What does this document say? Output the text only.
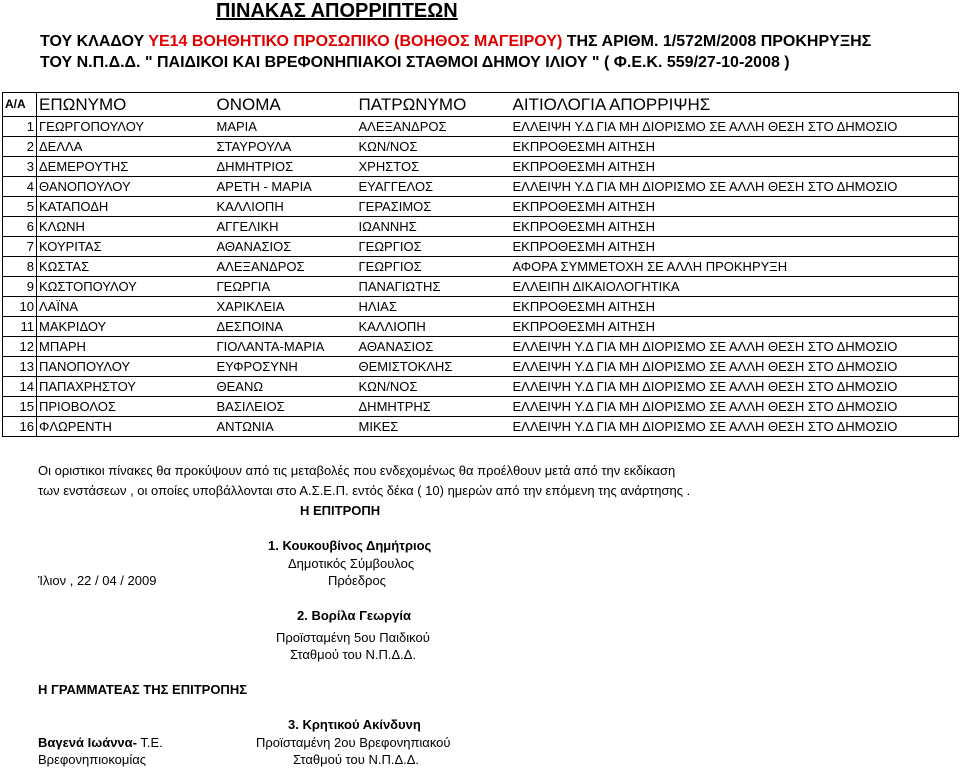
ΠΙΝΑΚΑΣ ΑΠΟΡΡΙΠΤΕΩΝ
ΤΟΥ ΚΛΑΔΟΥ ΥΕ14 ΒΟΗΘΗΤΙΚΟ ΠΡΟΣΩΠΙΚΟ (ΒΟΗΘΟΣ ΜΑΓΕΙΡΟΥ) ΤΗΣ ΑΡΙΘΜ. 1/572Μ/2008 ΠΡΟΚΗΡΥΞΗΣ
ΤΟΥ Ν.Π.Δ.Δ. " ΠΑΙΔΙΚΟΙ ΚΑΙ ΒΡΕΦΟΝΗΠΙΑΚΟΙ ΣΤΑΘΜΟΙ ΔΗΜΟΥ ΙΛΙΟΥ " ( Φ.Ε.Κ. 559/27-10-2008 )
Α/Α	ΕΠΩΝΥΜΟ	ΟΝΟΜΑ	ΠΑΤΡΩΝΥΜΟ	ΑΙΤΙΟΛΟΓΙΑ ΑΠΟΡΡΙΨΗΣ
1	ΓΕΩΡΓΟΠΟΥΛΟΥ	ΜΑΡΙΑ	ΑΛΕΞΑΝΔΡΟΣ	ΕΛΛΕΙΨΗ Υ.Δ ΓΙΑ ΜΗ ΔΙΟΡΙΣΜΟ ΣΕ ΑΛΛΗ ΘΕΣΗ ΣΤΟ ΔΗΜΟΣΙΟ
2	ΔΕΛΛΑ	ΣΤΑΥΡΟΥΛΑ	ΚΩΝ/ΝΟΣ	ΕΚΠΡΟΘΕΣΜΗ ΑΙΤΗΣΗ
3	ΔΕΜΕΡΟΥΤΗΣ	ΔΗΜΗΤΡΙΟΣ	ΧΡΗΣΤΟΣ	ΕΚΠΡΟΘΕΣΜΗ ΑΙΤΗΣΗ
4	ΘΑΝΟΠΟΥΛΟΥ	ΑΡΕΤΗ - ΜΑΡΙΑ	ΕΥΑΓΓΕΛΟΣ	ΕΛΛΕΙΨΗ Υ.Δ ΓΙΑ ΜΗ ΔΙΟΡΙΣΜΟ ΣΕ ΑΛΛΗ ΘΕΣΗ ΣΤΟ ΔΗΜΟΣΙΟ
5	ΚΑΤΑΠΟΔΗ	ΚΑΛΛΙΟΠΗ	ΓΕΡΑΣΙΜΟΣ	ΕΚΠΡΟΘΕΣΜΗ ΑΙΤΗΣΗ
6	ΚΛΩΝΗ	ΑΓΓΕΛΙΚΗ	ΙΩΑΝΝΗΣ	ΕΚΠΡΟΘΕΣΜΗ ΑΙΤΗΣΗ
7	ΚΟΥΡΙΤΑΣ	ΑΘΑΝΑΣΙΟΣ	ΓΕΩΡΓΙΟΣ	ΕΚΠΡΟΘΕΣΜΗ ΑΙΤΗΣΗ
8	ΚΩΣΤΑΣ	ΑΛΕΞΑΝΔΡΟΣ	ΓΕΩΡΓΙΟΣ	ΑΦΟΡΑ ΣΥΜΜΕΤΟΧΗ ΣΕ ΑΛΛΗ ΠΡΟΚΗΡΥΞΗ
9	ΚΩΣΤΟΠΟΥΛΟΥ	ΓΕΩΡΓΙΑ	ΠΑΝΑΓΙΩΤΗΣ	ΕΛΛΕΙΠΗ ΔΙΚΑΙΟΛΟΓΗΤΙΚΑ
10	ΛΑΪΝΑ	ΧΑΡΙΚΛΕΙΑ	ΗΛΙΑΣ	ΕΚΠΡΟΘΕΣΜΗ ΑΙΤΗΣΗ
11	ΜΑΚΡΙΔΟΥ	ΔΕΣΠΟΙΝΑ	ΚΑΛΛΙΟΠΗ	ΕΚΠΡΟΘΕΣΜΗ ΑΙΤΗΣΗ
12	ΜΠΑΡΗ	ΓΙΟΛΑΝΤΑ-ΜΑΡΙΑ	ΑΘΑΝΑΣΙΟΣ	ΕΛΛΕΙΨΗ Υ.Δ ΓΙΑ ΜΗ ΔΙΟΡΙΣΜΟ ΣΕ ΑΛΛΗ ΘΕΣΗ ΣΤΟ ΔΗΜΟΣΙΟ
13	ΠΑΝΟΠΟΥΛΟΥ	ΕΥΦΡΟΣΥΝΗ	ΘΕΜΙΣΤΟΚΛΗΣ	ΕΛΛΕΙΨΗ Υ.Δ ΓΙΑ ΜΗ ΔΙΟΡΙΣΜΟ ΣΕ ΑΛΛΗ ΘΕΣΗ ΣΤΟ ΔΗΜΟΣΙΟ
14	ΠΑΠΑΧΡΗΣΤΟΥ	ΘΕΑΝΩ	ΚΩΝ/ΝΟΣ	ΕΛΛΕΙΨΗ Υ.Δ ΓΙΑ ΜΗ ΔΙΟΡΙΣΜΟ ΣΕ ΑΛΛΗ ΘΕΣΗ ΣΤΟ ΔΗΜΟΣΙΟ
15	ΠΡΙΟΒΟΛΟΣ	ΒΑΣΙΛΕΙΟΣ	ΔΗΜΗΤΡΗΣ	ΕΛΛΕΙΨΗ Υ.Δ ΓΙΑ ΜΗ ΔΙΟΡΙΣΜΟ ΣΕ ΑΛΛΗ ΘΕΣΗ ΣΤΟ ΔΗΜΟΣΙΟ
16	ΦΛΩΡΕΝΤΗ	ΑΝΤΩΝΙΑ	ΜΙΚΕΣ	ΕΛΛΕΙΨΗ Υ.Δ ΓΙΑ ΜΗ ΔΙΟΡΙΣΜΟ ΣΕ ΑΛΛΗ ΘΕΣΗ ΣΤΟ ΔΗΜΟΣΙΟ
Οι οριστικοι πίνακες θα προκύψουν από τις μεταβολές που ενδεχομένως θα προέλθουν μετά από την εκδίκαση
των ενστάσεων , οι οποίες υποβάλλονται στο Α.Σ.Ε.Π. εντός δέκα ( 10) ημερών από την επόμενη της ανάρτησης .
Η ΕΠΙΤΡΟΠΗ
1. Κουκουβίνος Δημήτριος
Δημοτικός Σύμβουλος
Ίλιον , 22 / 04 / 2009	Πρόεδρος
2. Βορίλα Γεωργία
Προϊσταμένη 5ου Παιδικού
Σταθμού του Ν.Π.Δ.Δ.
Η ΓΡΑΜΜΑΤΕΑΣ ΤΗΣ ΕΠΙΤΡΟΠΗΣ
3. Κρητικού Ακίνδυνη
Βαγενά Ιωάννα- Τ.Ε.	Προϊσταμένη 2ου Βρεφονηπιακού
Βρεφονηπιοκομίας	Σταθμού του Ν.Π.Δ.Δ.
